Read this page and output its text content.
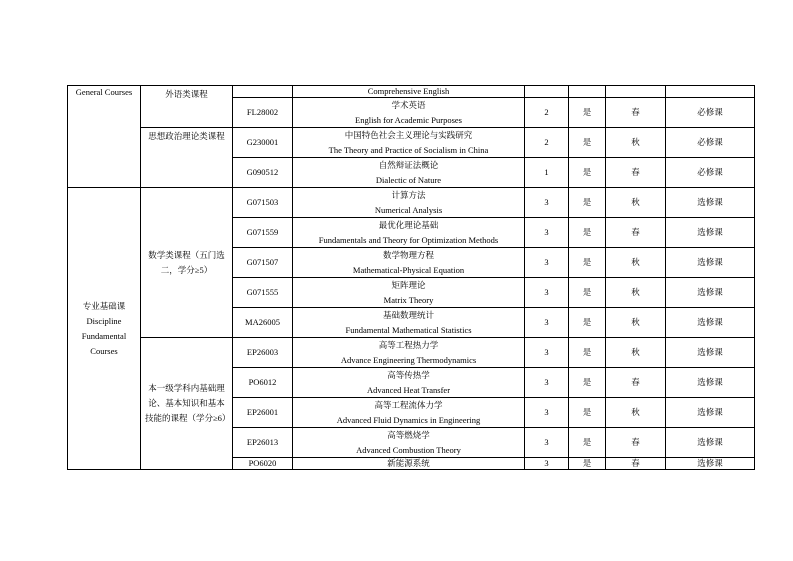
General Courses	外语类课程		Comprehensive English				
		FL28002	学术英语
English for Academic Purposes	2	是	春	必修课
	思想政治理论类课程	G230001	中国特色社会主义理论与实践研究
The Theory and Practice of Socialism in China	2	是	秋	必修课
		G090512	自然辩证法概论
Dialectic of Nature	1	是	春	必修课

专业基础课
Discipline
Fundamental
Courses	数学类课程（五门选二，学分≥5）	G071503	计算方法
Numerical Analysis	3	是	秋	选修课
		G071559	最优化理论基础
Fundamentals and Theory for Optimization Methods	3	是	春	选修课
		G071507	数学物理方程
Mathematical-Physical Equation	3	是	秋	选修课
		G071555	矩阵理论
Matrix Theory	3	是	秋	选修课
		MA26005	基础数理统计
Fundamental Mathematical Statistics	3	是	秋	选修课
	本一级学科内基础理论、基本知识和基本技能的课程（学分≥6）	EP26003	高等工程热力学
Advance Engineering Thermodynamics	3	是	秋	选修课
		PO6012	高等传热学
Advanced Heat Transfer	3	是	春	选修课
		EP26001	高等工程流体力学
Advanced Fluid Dynamics in Engineering	3	是	秋	选修课
		EP26013	高等燃烧学
Advanced Combustion Theory	3	是	春	选修课
		PO6020	新能源系统	3	是	春	选修课
